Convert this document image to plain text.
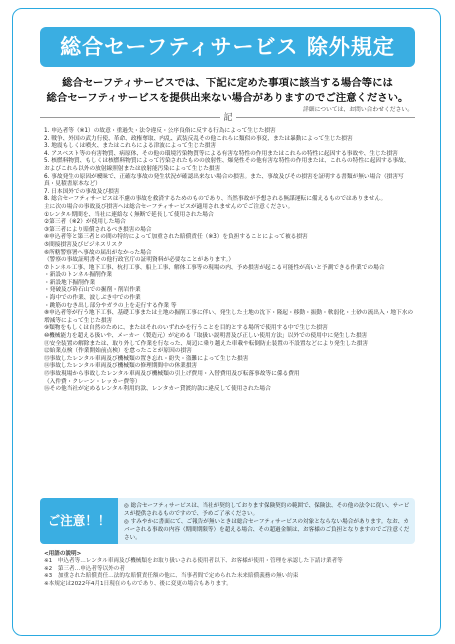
総合セーフティサービス 除外規定
総合セーフティサービスでは、下記に定めた事項に該当する場合等には
総合セーフティサービスを提供出来ない場合がありますのでご注意ください。
詳細については、お問い合わせください。
記
1. 申込者等（※1）の故意・重過失・法令違反・公序良俗に反する行為によって生じた損害
2. 戦争、外国の武力行使、革命、政権奪取、内乱、武装反乱その他これらに類似の事変、または暴動によって生じた損害
3. 地震もしくは噴火、またはこれらによる津波によって生じた損害
4. アスベスト等の有害物質、病原体、その他の環境汚染物質等による有害な特性の作用またはこれらの特性に起因する事故や、生じた損害
5. 核燃料物質、もしくは核燃料物質によって汚染されたものの放射性、爆発性その他有害な特性の作用または、これらの特性に起因する事故、およびこれら以外の放射線照射または放射能汚染によって生じた損害
6. 事故発生の原因が曖昧で、正確な事故の発生状況が確認出来ない場合の損害。また、事故及びその損害を証明する書類が無い場合（損害写真・見積書原本など）
7. 日本国外での事故及び損害
8. 総合セーフティサービスは不慮の事故を救済するためのものであり、当然事故が予想される無謀運転に備えるものではありません。
主に次の場合の事故及び損害へは総合セーフティサービスが適用されませんのでご注意ください。
①レンタル期間を、当社に連絡なく無断で延長して使用された場合
②第三者（※2）が使用した場合
③第三者により賠償されるべき損害の場合
④申込者等と第三者との間の特約によって加重された賠償責任（※3）を負担することによって被る損害
⑤間接損害及びビジネスリスク
⑥所轄警察署へ事故の届出がなかった場合
（警察の事故証明書その他行政官庁の証明資料が必要なことがあります。）
⑦トンネル工事、地下工事、杭打工事、船上工事、解体工事等の現場の内、予め損害が起こる可能性が高いと予測できる作業での場合
・新設のトンネル掘削作業
・新設地下掘削作業
・発破及び砕石山での掘削・削岩作業
・海中での作業、波しぶき中での作業
・跳筋のむき出し部分やガラの上を走行する作業 等
⑧申込者等が行う地下工事、基礎工事または土地の掘削工事に伴い、発生した土地の沈下・隆起・移動・振動・軟弱化・土砂の流出入・地下水の増減等によって生じた損害
⑨類物をもしくは自然のために、またはそれのいずれかを行うことを目的とする場所で使用する中で生じた損害
⑩機械能力を超える扱いや、メーカー（製造元）が定める「取扱い説明書及び正しい使用方法」以外での使用中に発生した損害
⑪安全装置の解除または、取り外して作業を行なった、周辺に乗り越えた車載や転倒防止装置の不設置などにより発生した損害
⑫始業点検（作業開始前点検）を怠ったことが原因の損害
⑬事故したレンタル車両及び機械類の置き忘れ・紛失・盗難によって生じた損害
⑭事故したレンタル車両及び機械類の修理期間中の休業損害
⑮事故現場から事故したレンタル車両及び機械類の引上げ費用・入替費用及び転落事故等に係る費用
（入件費・クレーン・レッカー費等）
⑯その他当社が定めるレンタル利用約款、レンタカー貸渡約款に違反して使用された場合
ご注意！！
◎ 総合セーフティサービスは、当社が契約しております保険契約の範囲で、保険法、その他の法令に従い、サービスが提供されるものですので、予めご了承ください。
◎ すみやかに書面にて、ご報告が無いときは総合セーフティサービスの対象とならない場合があります。なお、カバーされる事故の内容（期間期限等）を超える場合、その超過金額は、お客様のご負担となりますのでご注意ください。
<用語の説明>
※1　申込者等…レンタル車両及び機械類をお取り扱いされる使用者以下、お客様が使用・管理を承認した下請け業者等
※2　第三者…申込者等以外の者
※3　加重された賠償責任…法的な賠償責任額の他に、当事者間で定められた未来賠償義務の無い約束
※本規定は2022年4月1日現在のものであり、後に変更の場合もあります。
